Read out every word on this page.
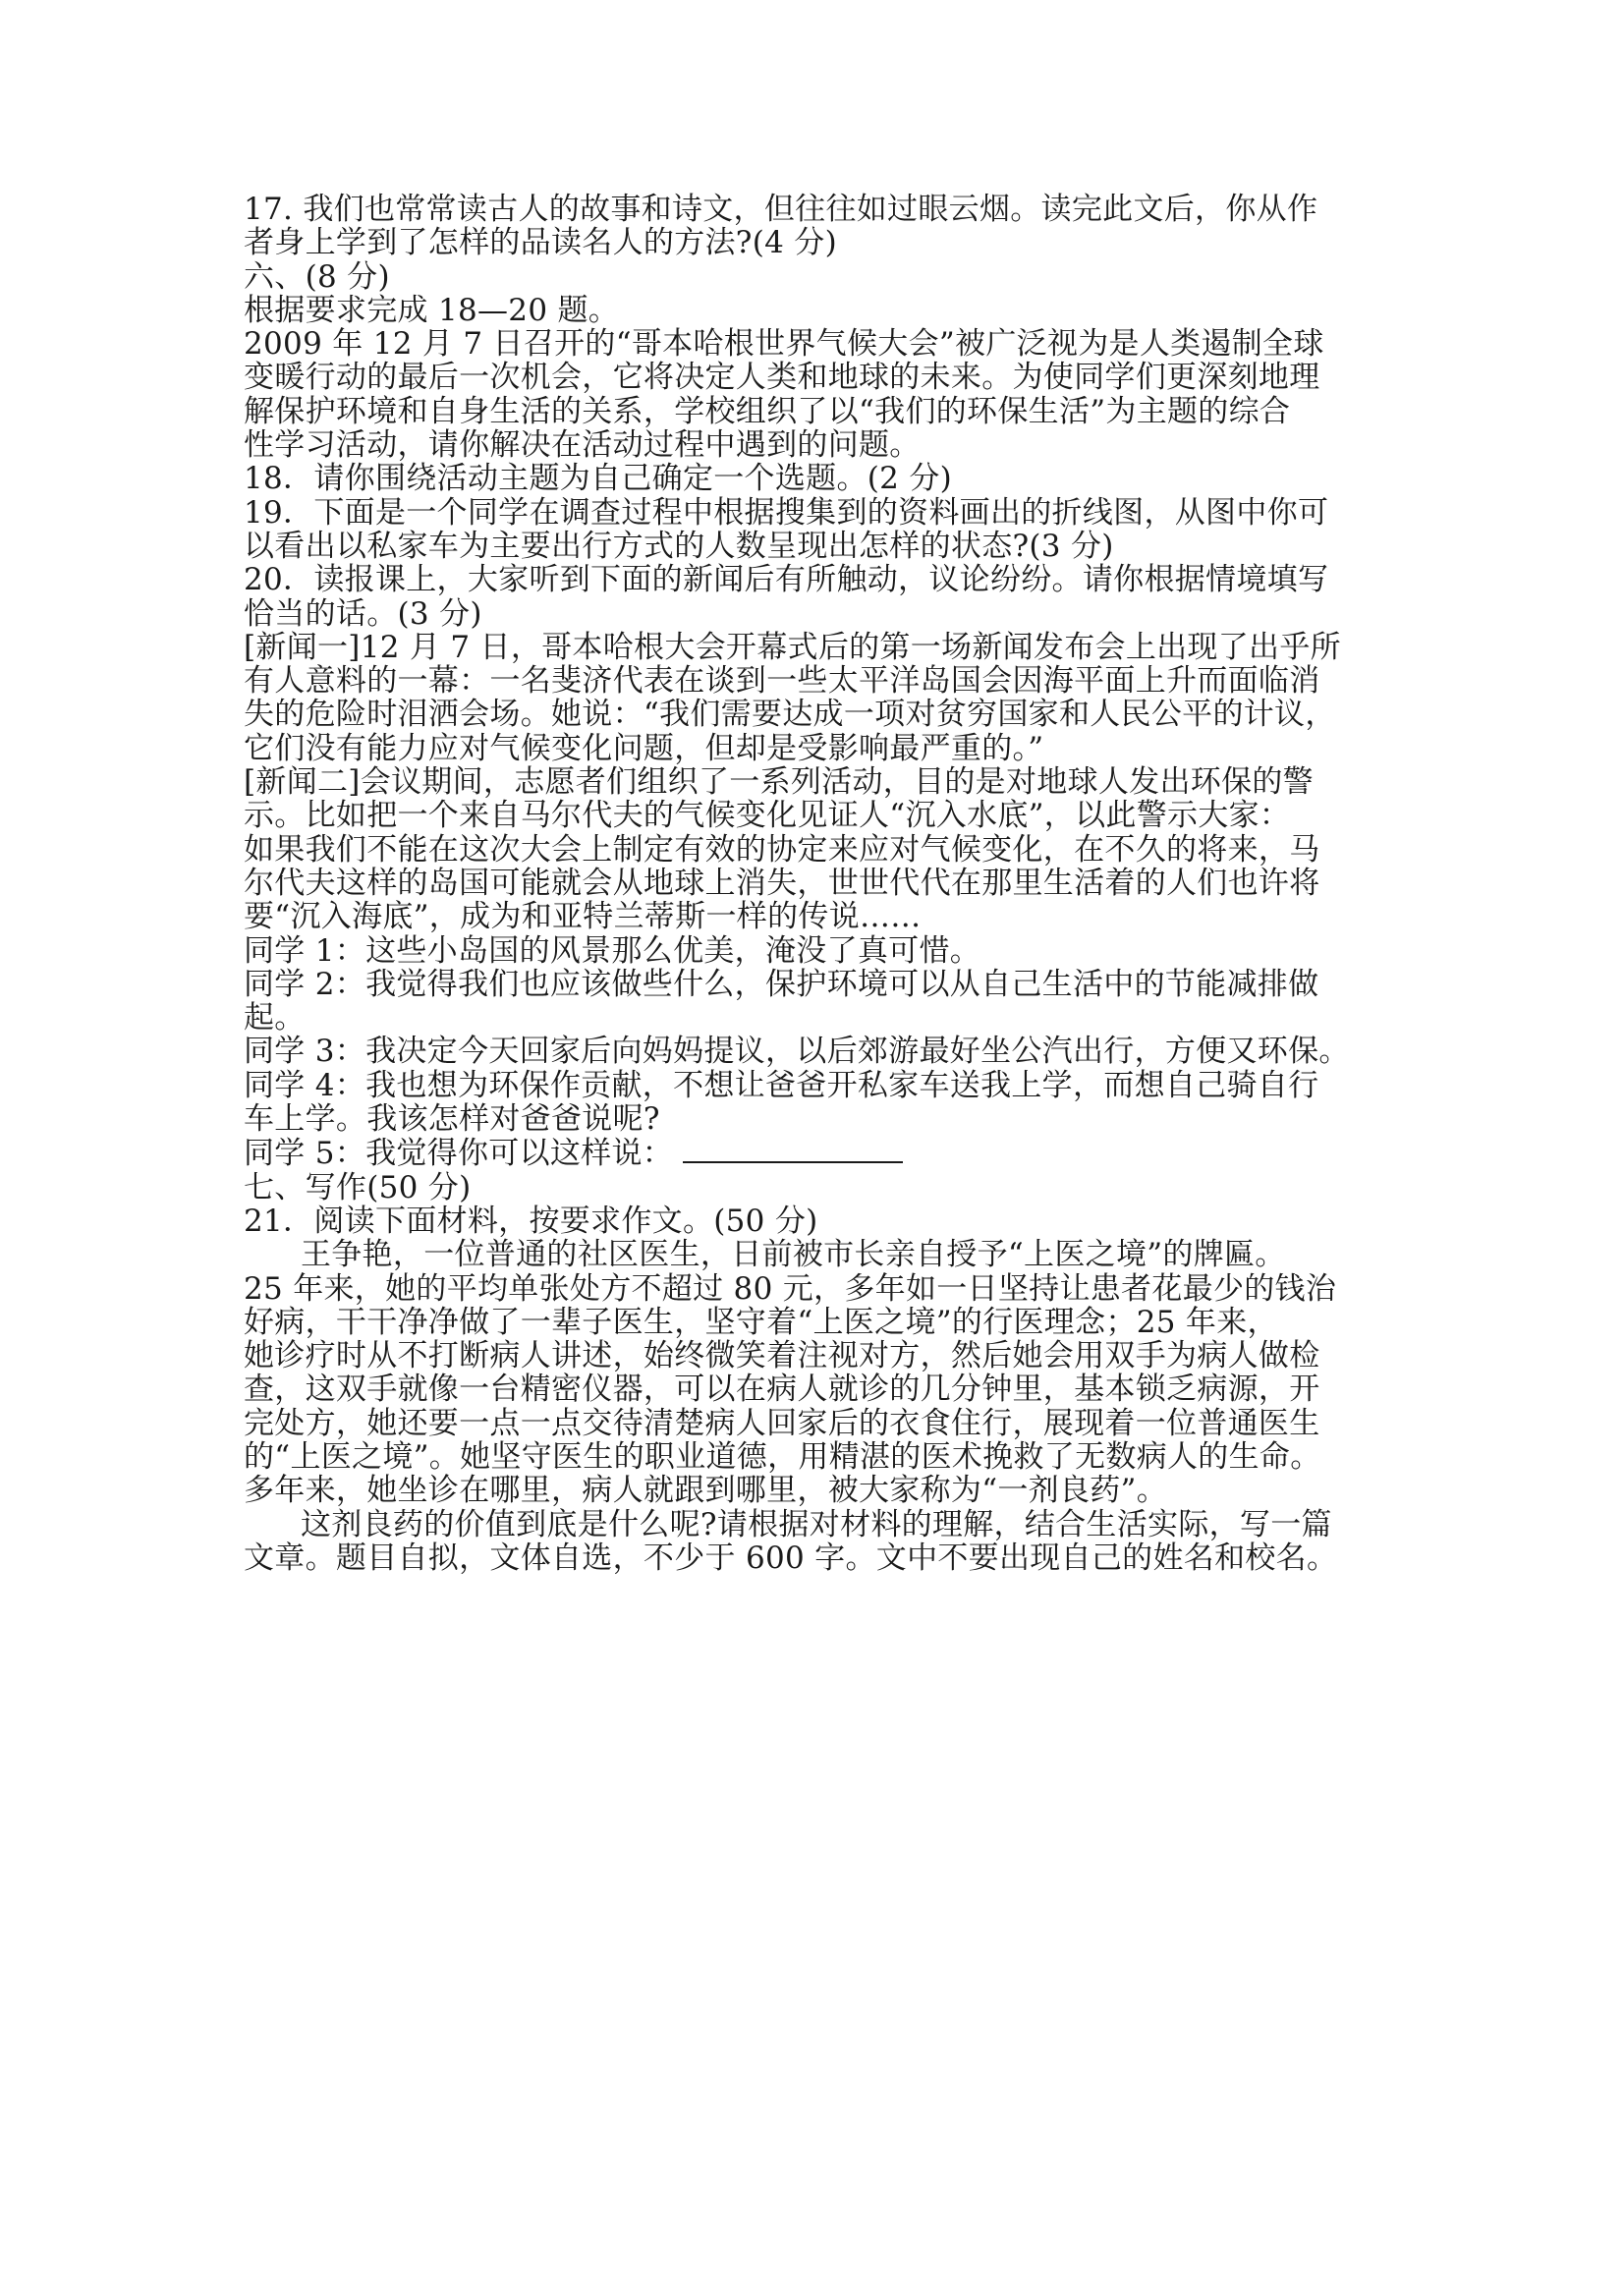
17. 我们也常常读古人的故事和诗文，但往往如过眼云烟。读完此文后，你从作

者身上学到了怎样的品读名人的方法?(4 分)

六、(8 分)

根据要求完成 18—20 题。

2009 年 12 月 7 日召开的“哥本哈根世界气候大会”被广泛视为是人类遏制全球

变暖行动的最后一次机会，它将决定人类和地球的未来。为使同学们更深刻地理

解保护环境和自身生活的关系，学校组织了以“我们的环保生活”为主题的综合

性学习活动，请你解决在活动过程中遇到的问题。

18．请你围绕活动主题为自己确定一个选题。(2 分)

19．下面是一个同学在调查过程中根据搜集到的资料画出的折线图，从图中你可

以看出以私家车为主要出行方式的人数呈现出怎样的状态?(3 分)

20．读报课上，大家听到下面的新闻后有所触动，议论纷纷。请你根据情境填写

恰当的话。(3 分)

[新闻一]12 月 7 日，哥本哈根大会开幕式后的第一场新闻发布会上出现了出乎所

有人意料的一幕：一名斐济代表在谈到一些太平洋岛国会因海平面上升而面临消

失的危险时泪洒会场。她说：“我们需要达成一项对贫穷国家和人民公平的计议，

它们没有能力应对气候变化问题，但却是受影响最严重的。”

[新闻二]会议期间，志愿者们组织了一系列活动，目的是对地球人发出环保的警

示。比如把一个来自马尔代夫的气候变化见证人“沉入水底”，以此警示大家：

如果我们不能在这次大会上制定有效的协定来应对气候变化，在不久的将来，马

尔代夫这样的岛国可能就会从地球上消失，世世代代在那里生活着的人们也许将

要“沉入海底”，成为和亚特兰蒂斯一样的传说……

同学 1：这些小岛国的风景那么优美，淹没了真可惜。

同学 2：我觉得我们也应该做些什么，保护环境可以从自己生活中的节能减排做

起。

同学 3：我决定今天回家后向妈妈提议，以后郊游最好坐公汽出行，方便又环保。

同学 4：我也想为环保作贡献，不想让爸爸开私家车送我上学，而想自己骑自行

车上学。我该怎样对爸爸说呢?

同学 5：我觉得你可以这样说：

七、写作(50 分)

21．阅读下面材料，按要求作文。(50 分)

王争艳，一位普通的社区医生，日前被市长亲自授予“上医之境”的牌匾。

25 年来，她的平均单张处方不超过 80 元，多年如一日坚持让患者花最少的钱治

好病，干干净净做了一辈子医生，坚守着“上医之境”的行医理念；25 年来，

她诊疗时从不打断病人讲述，始终微笑着注视对方，然后她会用双手为病人做检

查，这双手就像一台精密仪器，可以在病人就诊的几分钟里，基本锁乏病源，开

完处方，她还要一点一点交待清楚病人回家后的衣食住行，展现着一位普通医生

的“上医之境”。她坚守医生的职业道德，用精湛的医术挽救了无数病人的生命。

多年来，她坐诊在哪里，病人就跟到哪里，被大家称为“一剂良药”。

这剂良药的价值到底是什么呢?请根据对材料的理解，结合生活实际，写一篇

文章。题目自拟，文体自选，不少于 600 字。文中不要出现自己的姓名和校名。
